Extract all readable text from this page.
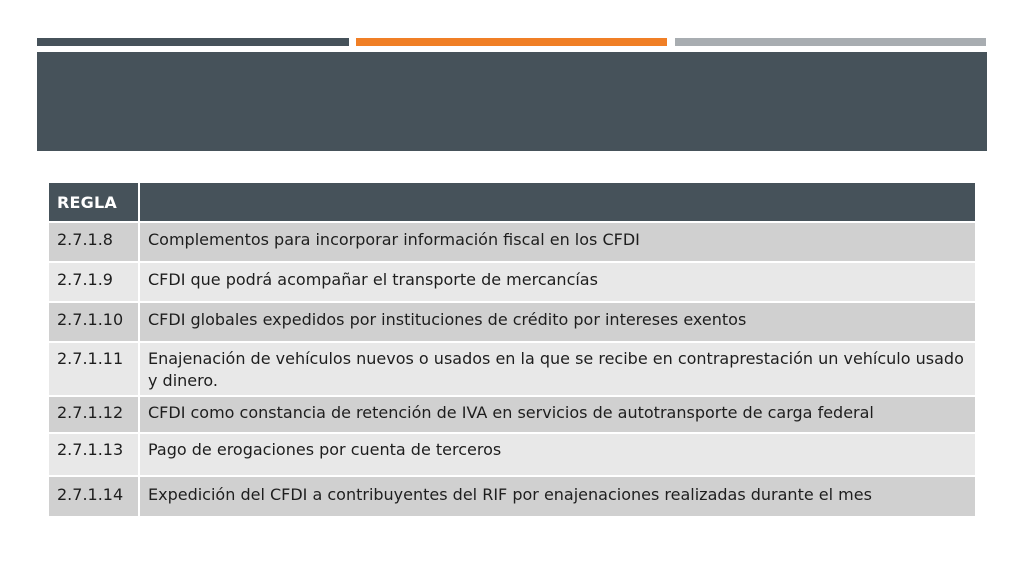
REGLA	
2.7.1.8	Complementos para incorporar información fiscal en los CFDI
2.7.1.9	CFDI que podrá acompañar el transporte de mercancías
2.7.1.10	CFDI globales expedidos por instituciones de crédito por intereses exentos
2.7.1.11	Enajenación de vehículos nuevos o usados en la que se recibe en contraprestación un vehículo usado y dinero.
2.7.1.12	CFDI como constancia de retención de IVA en servicios de autotransporte de carga federal
2.7.1.13	Pago de erogaciones por cuenta de terceros
2.7.1.14	Expedición del CFDI a contribuyentes del RIF por enajenaciones realizadas durante el mes
